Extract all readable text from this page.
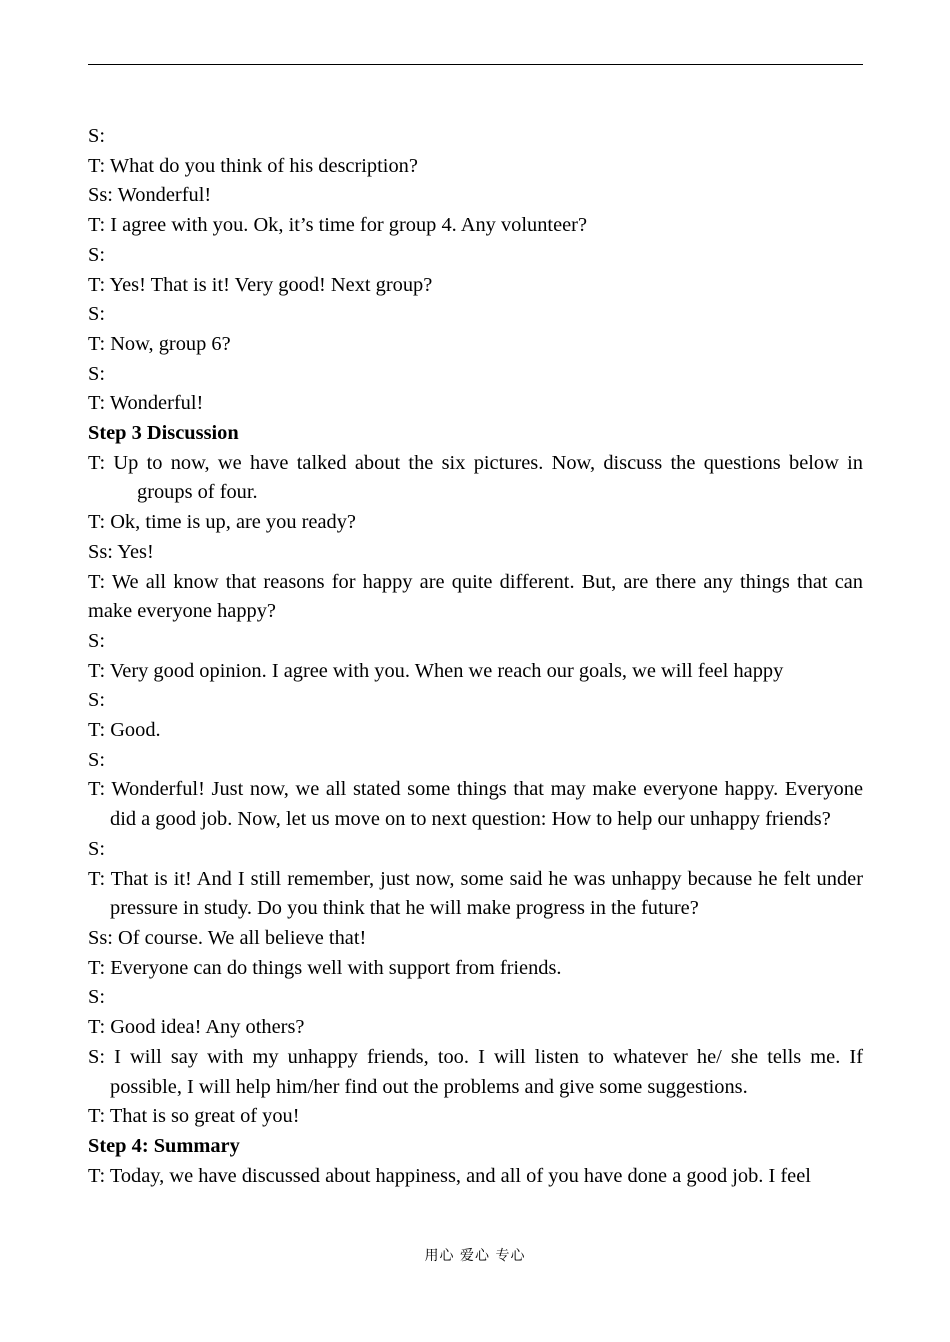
S:
T: What do you think of his description?
Ss: Wonderful!
T: I agree with you. Ok, it’s time for group 4. Any volunteer?
S:
T: Yes! That is it! Very good! Next group?
S:
T: Now, group 6?
S:
T: Wonderful!
Step 3 Discussion
T: Up to now, we have talked about the six pictures. Now, discuss the questions below in groups of four.
T: Ok, time is up, are you ready?
Ss: Yes!
T: We all know that reasons for happy are quite different. But, are there any things that can make everyone happy?
S:
T: Very good opinion. I agree with you. When we reach our goals, we will feel happy
S:
T: Good.
S:
T: Wonderful! Just now, we all stated some things that may make everyone happy. Everyone did a good job. Now, let us move on to next question: How to help our unhappy friends?
S:
T: That is it! And I still remember, just now, some said he was unhappy because he felt under pressure in study. Do you think that he will make progress in the future?
Ss: Of course. We all believe that!
T: Everyone can do things well with support from friends.
S:
T: Good idea! Any others?
S: I will say with my unhappy friends, too. I will listen to whatever he/ she tells me. If possible, I will help him/her find out the problems and give some suggestions.
T: That is so great of you!
Step 4: Summary
T: Today, we have discussed about happiness, and all of you have done a good job. I feel
用心 爱心 专心
